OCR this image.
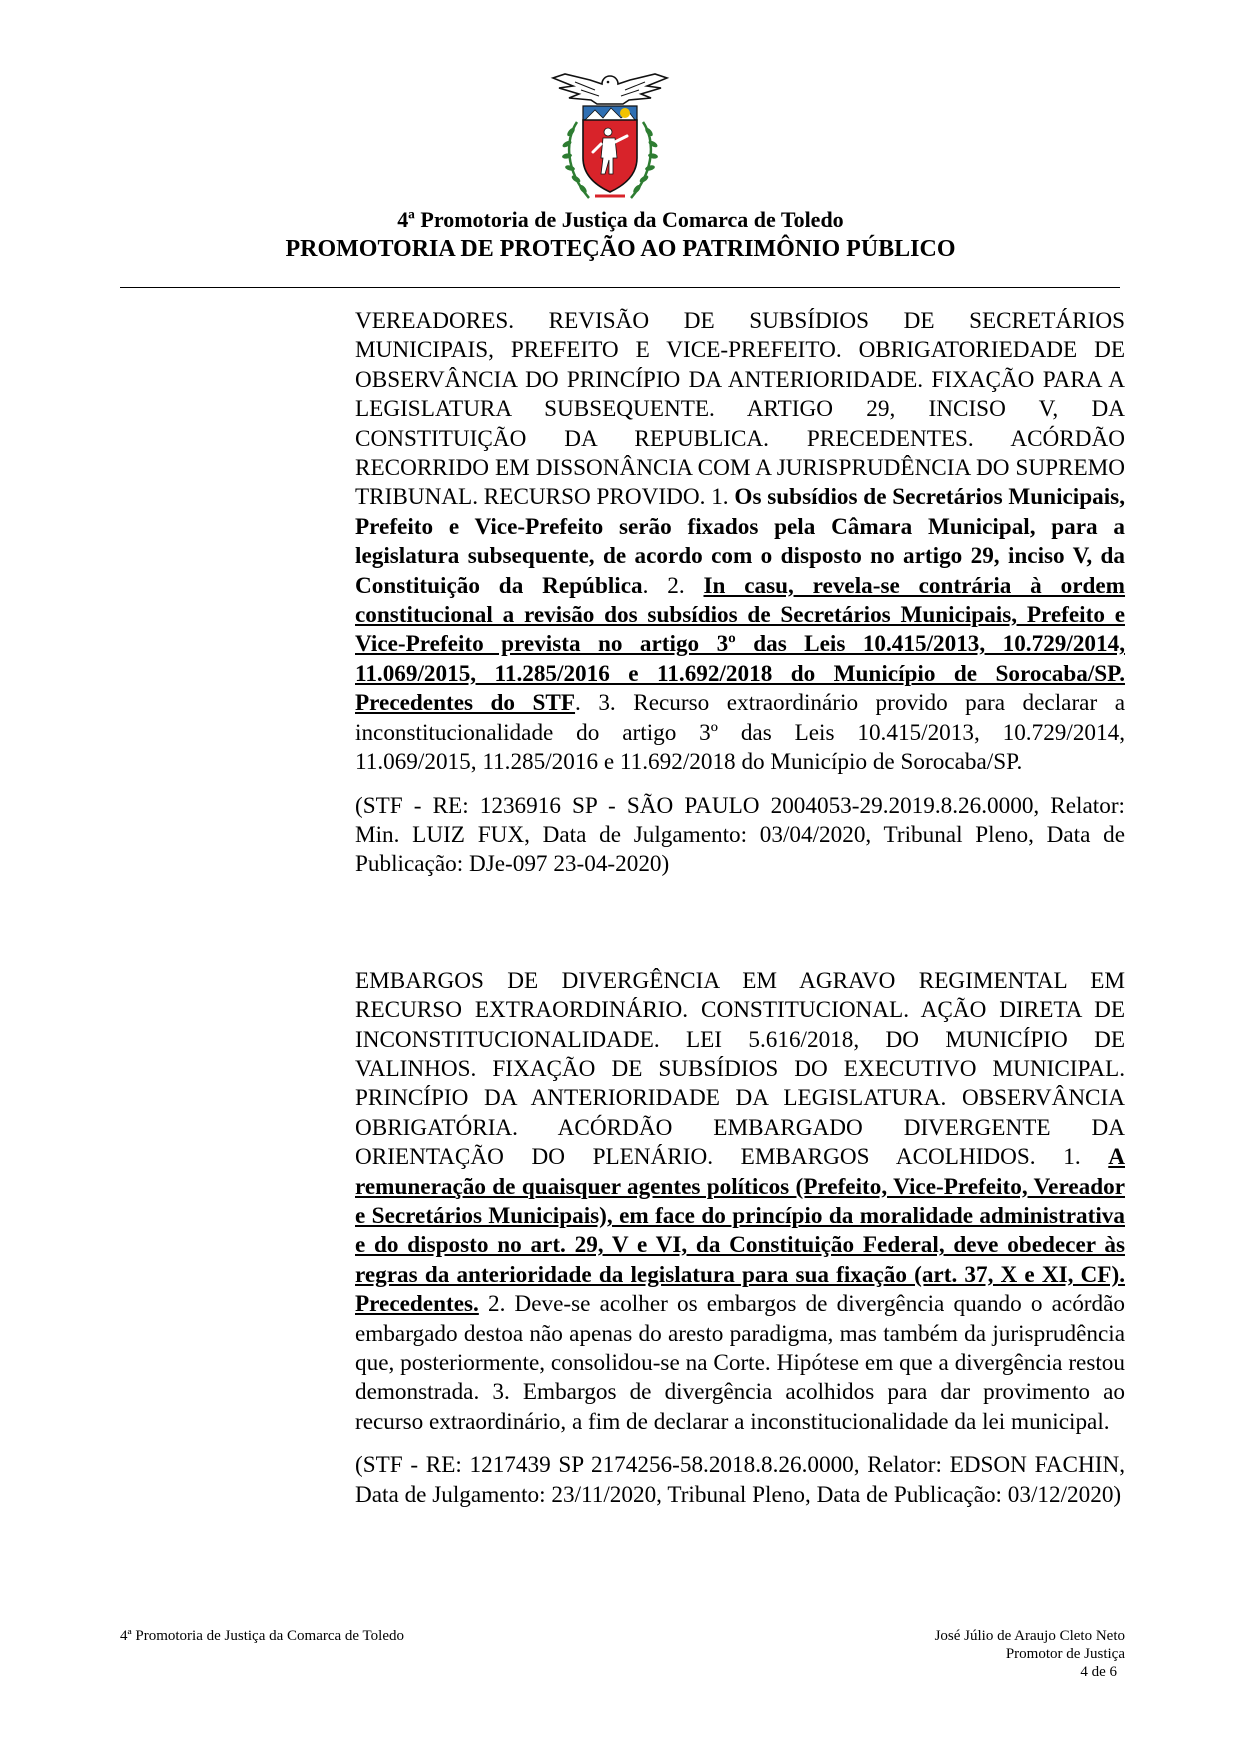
4ª Promotoria de Justiça da Comarca de Toledo
PROMOTORIA DE PROTEÇÃO AO PATRIMÔNIO PÚBLICO

VEREADORES. REVISÃO DE SUBSÍDIOS DE SECRETÁRIOS MUNICIPAIS, PREFEITO E VICE-PREFEITO. OBRIGATORIEDADE DE OBSERVÂNCIA DO PRINCÍPIO DA ANTERIORIDADE. FIXAÇÃO PARA A LEGISLATURA SUBSEQUENTE. ARTIGO 29, INCISO V, DA CONSTITUIÇÃO DA REPUBLICA. PRECEDENTES. ACÓRDÃO RECORRIDO EM DISSONÂNCIA COM A JURISPRUDÊNCIA DO SUPREMO TRIBUNAL. RECURSO PROVIDO. 1. Os subsídios de Secretários Municipais, Prefeito e Vice-Prefeito serão fixados pela Câmara Municipal, para a legislatura subsequente, de acordo com o disposto no artigo 29, inciso V, da Constituição da República. 2. In casu, revela-se contrária à ordem constitucional a revisão dos subsídios de Secretários Municipais, Prefeito e Vice-Prefeito prevista no artigo 3º das Leis 10.415/2013, 10.729/2014, 11.069/2015, 11.285/2016 e 11.692/2018 do Município de Sorocaba/SP. Precedentes do STF. 3. Recurso extraordinário provido para declarar a inconstitucionalidade do artigo 3º das Leis 10.415/2013, 10.729/2014, 11.069/2015, 11.285/2016 e 11.692/2018 do Município de Sorocaba/SP.

(STF - RE: 1236916 SP - SÃO PAULO 2004053-29.2019.8.26.0000, Relator: Min. LUIZ FUX, Data de Julgamento: 03/04/2020, Tribunal Pleno, Data de Publicação: DJe-097 23-04-2020)

EMBARGOS DE DIVERGÊNCIA EM AGRAVO REGIMENTAL EM RECURSO EXTRAORDINÁRIO. CONSTITUCIONAL. AÇÃO DIRETA DE INCONSTITUCIONALIDADE. LEI 5.616/2018, DO MUNICÍPIO DE VALINHOS. FIXAÇÃO DE SUBSÍDIOS DO EXECUTIVO MUNICIPAL. PRINCÍPIO DA ANTERIORIDADE DA LEGISLATURA. OBSERVÂNCIA OBRIGATÓRIA. ACÓRDÃO EMBARGADO DIVERGENTE DA ORIENTAÇÃO DO PLENÁRIO. EMBARGOS ACOLHIDOS. 1. A remuneração de quaisquer agentes políticos (Prefeito, Vice-Prefeito, Vereador e Secretários Municipais), em face do princípio da moralidade administrativa e do disposto no art. 29, V e VI, da Constituição Federal, deve obedecer às regras da anterioridade da legislatura para sua fixação (art. 37, X e XI, CF). Precedentes. 2. Deve-se acolher os embargos de divergência quando o acórdão embargado destoa não apenas do aresto paradigma, mas também da jurisprudência que, posteriormente, consolidou-se na Corte. Hipótese em que a divergência restou demonstrada. 3. Embargos de divergência acolhidos para dar provimento ao recurso extraordinário, a fim de declarar a inconstitucionalidade da lei municipal.

(STF - RE: 1217439 SP 2174256-58.2018.8.26.0000, Relator: EDSON FACHIN, Data de Julgamento: 23/11/2020, Tribunal Pleno, Data de Publicação: 03/12/2020)

4ª Promotoria de Justiça da Comarca de Toledo	José Júlio de Araujo Cleto Neto
Promotor de Justiça
4 de 6
